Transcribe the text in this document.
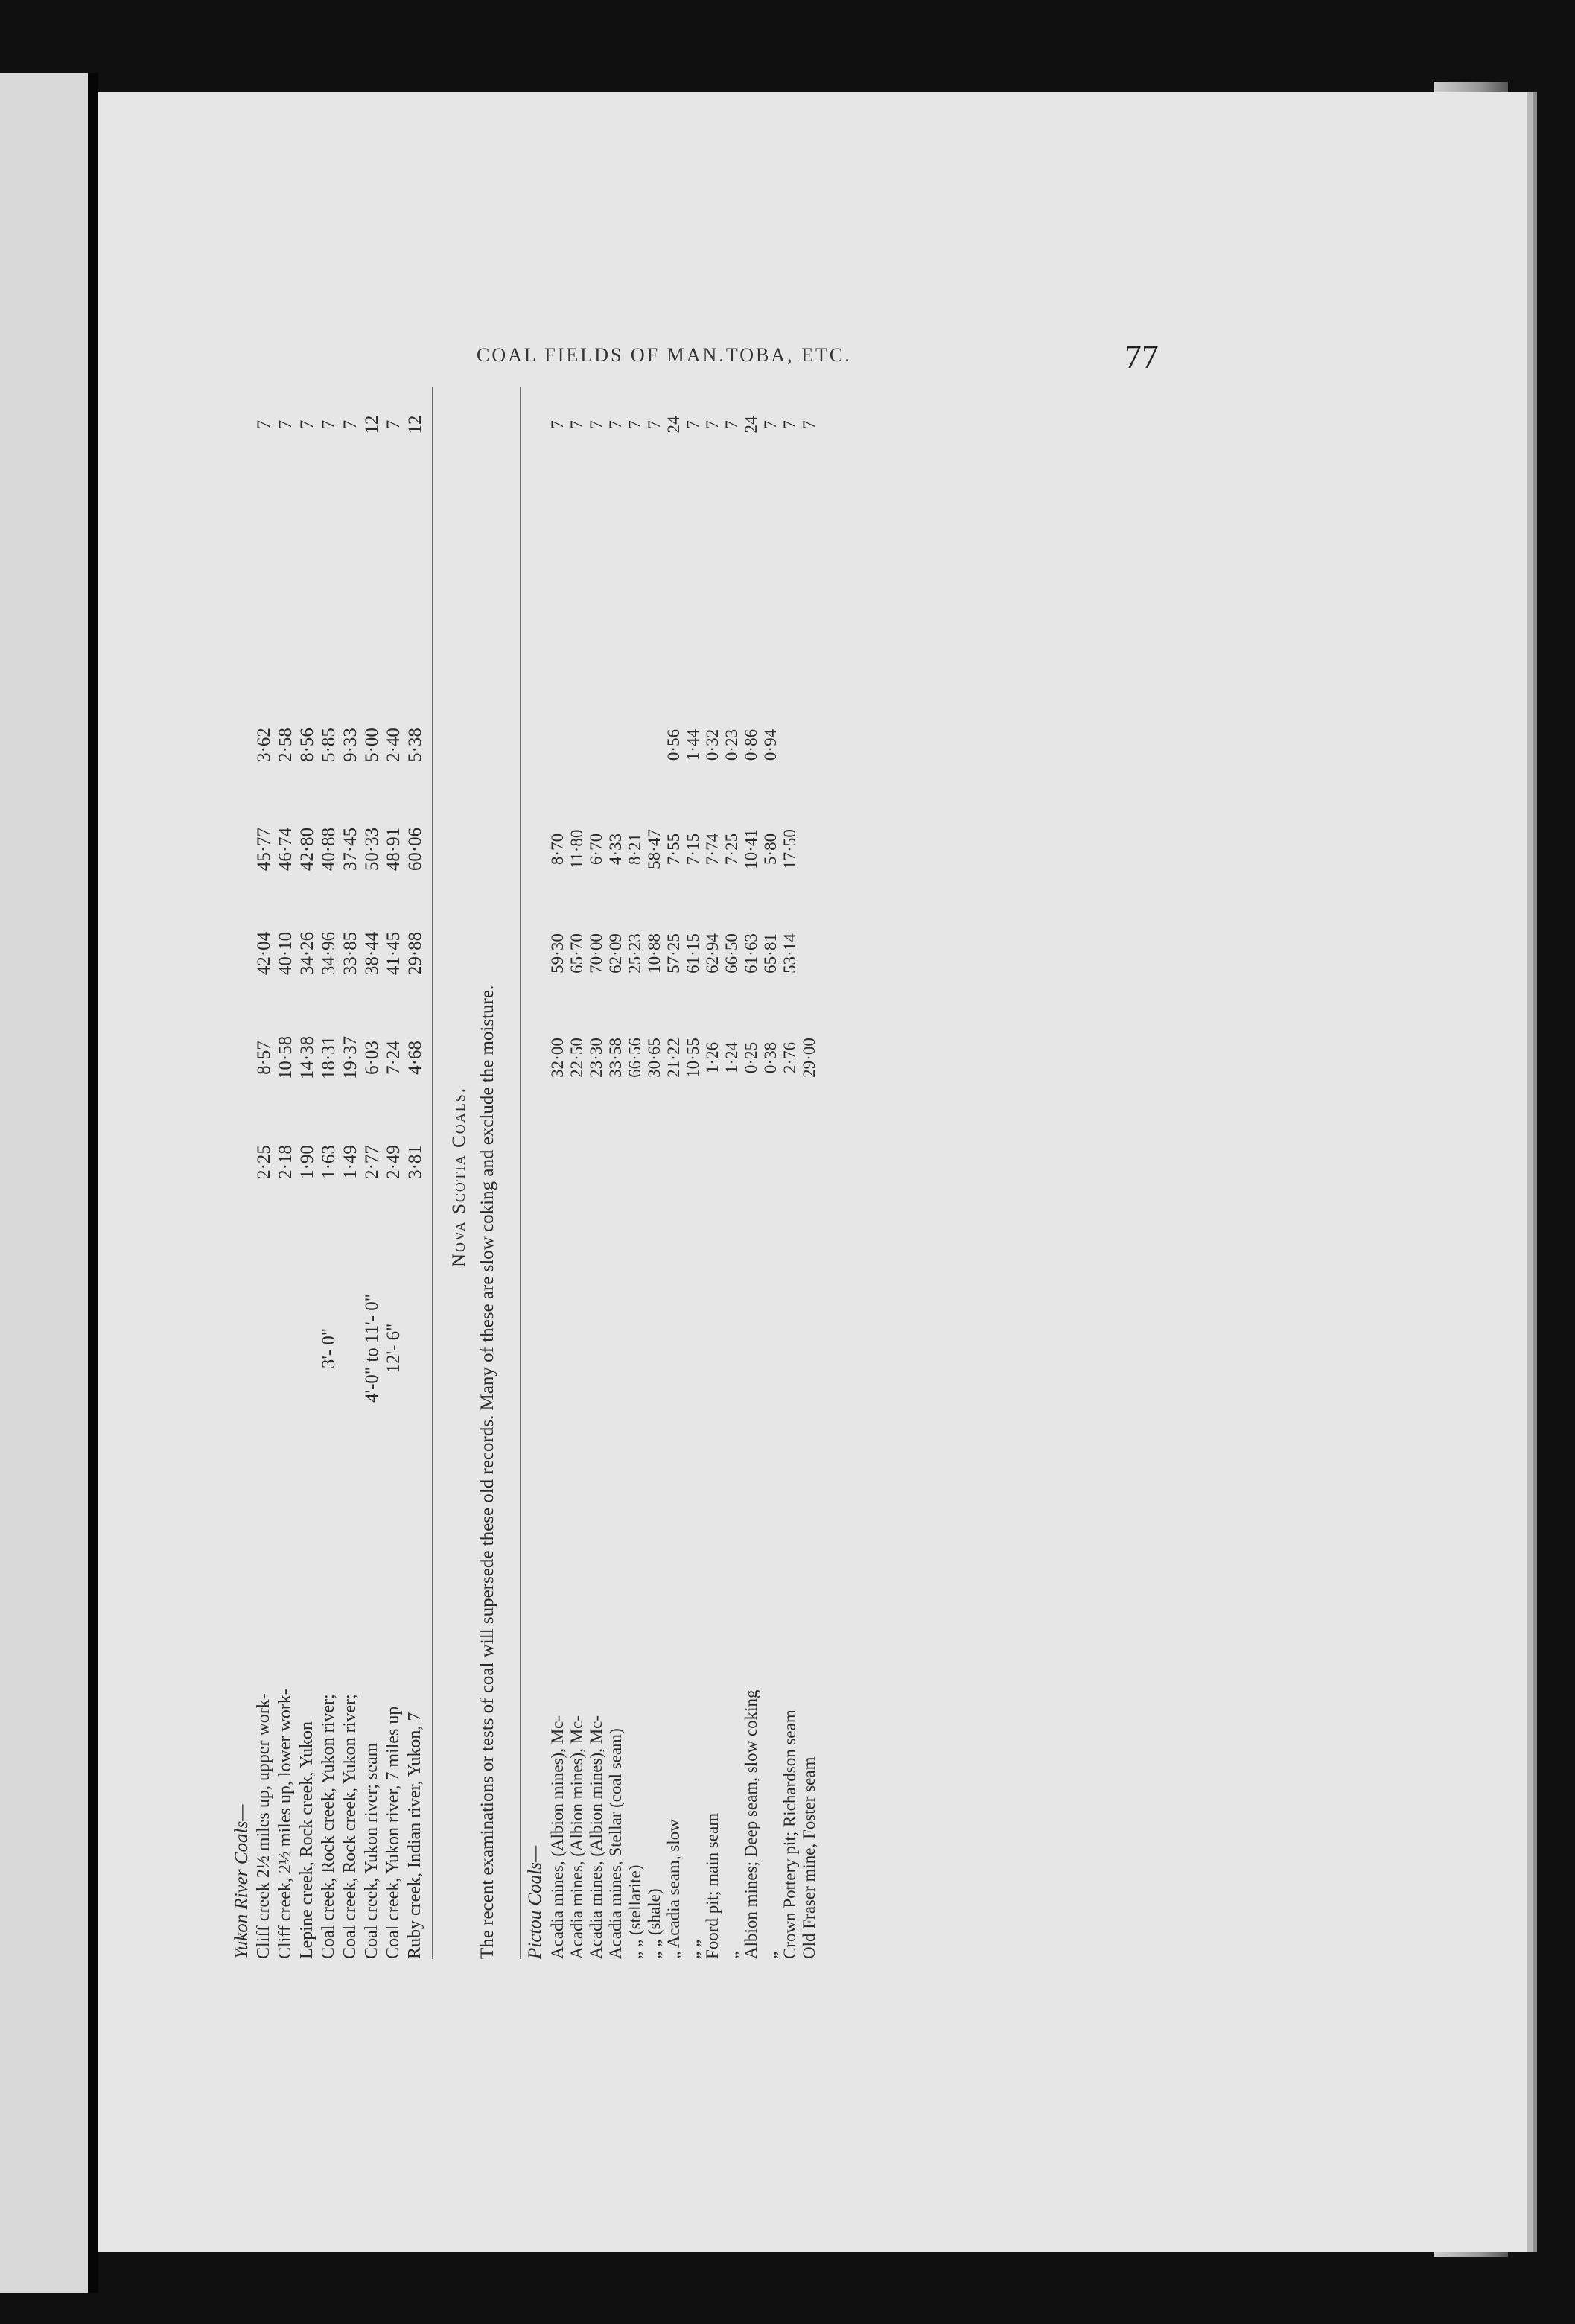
COAL FIELDS OF MAN.TOBA, ETC.	77
Yukon River Coals— Cliff creek 2½ miles up, upper work-
2·25
8·57
42·04
45·77
3·62
7
Cliff creek, 2½ miles up, lower work-
2·18
10·58
40·10
46·74
2·58
7
Lepine creek, Rock creek, Yukon
1·90
14·38
34·26
42·80
8·56
7
Coal creek, Rock creek, Yukon river;
3'- 0"
1·63
18·31
34·96
40·88
5·85
7
Coal creek, Rock creek, Yukon river;
1·49
19·37
33·85
37·45
9·33
7
Coal creek, Yukon river; seam
4'-0" to 11'- 0"
2·77
6·03
38·44
50·33
5·00
12
Coal creek, Yukon river, 7 miles up
12'- 6"
2·49
7·24
41·45
48·91
2·40
7
Ruby creek, Indian river, Yukon, 7
3·81
4·68
29·88
60·06
5·38
12
Nova Scotia Coals. The recent examinations or tests of coal will supersede these old records. Many of these are slow coking and exclude the moisture. Pictou Coals— Acadia mines, (Albion mines), Mc-
32·00
59·30
8·70
7
Acadia mines, (Albion mines), Mc-
22·50
65·70
11·80
7
Acadia mines, (Albion mines), Mc-
23·30
70·00
6·70
7
Acadia mines, Stellar (coal seam)
33·58
62·09
4·33
7
„ „ (stellarite)
66·56
25·23
8·21
7
„ „ (shale)
30·65
10·88
58·47
7
„ Acadia seam, slow
21·22
57·25
7·55
0·56
24
„ „
10·55
61·15
7·15
1·44
7
Foord pit; main seam
1·26
62·94
7·74
0·32
7
„
1·24
66·50
7·25
0·23
7
Albion mines; Deep seam, slow coking
0·25
61·63
10·41
0·86
24
„
0·38
65·81
5·80
0·94
7
Crown Pottery pit; Richardson seam
2·76
53·14
17·50
7
Old Fraser mine, Foster seam
29·00
7
